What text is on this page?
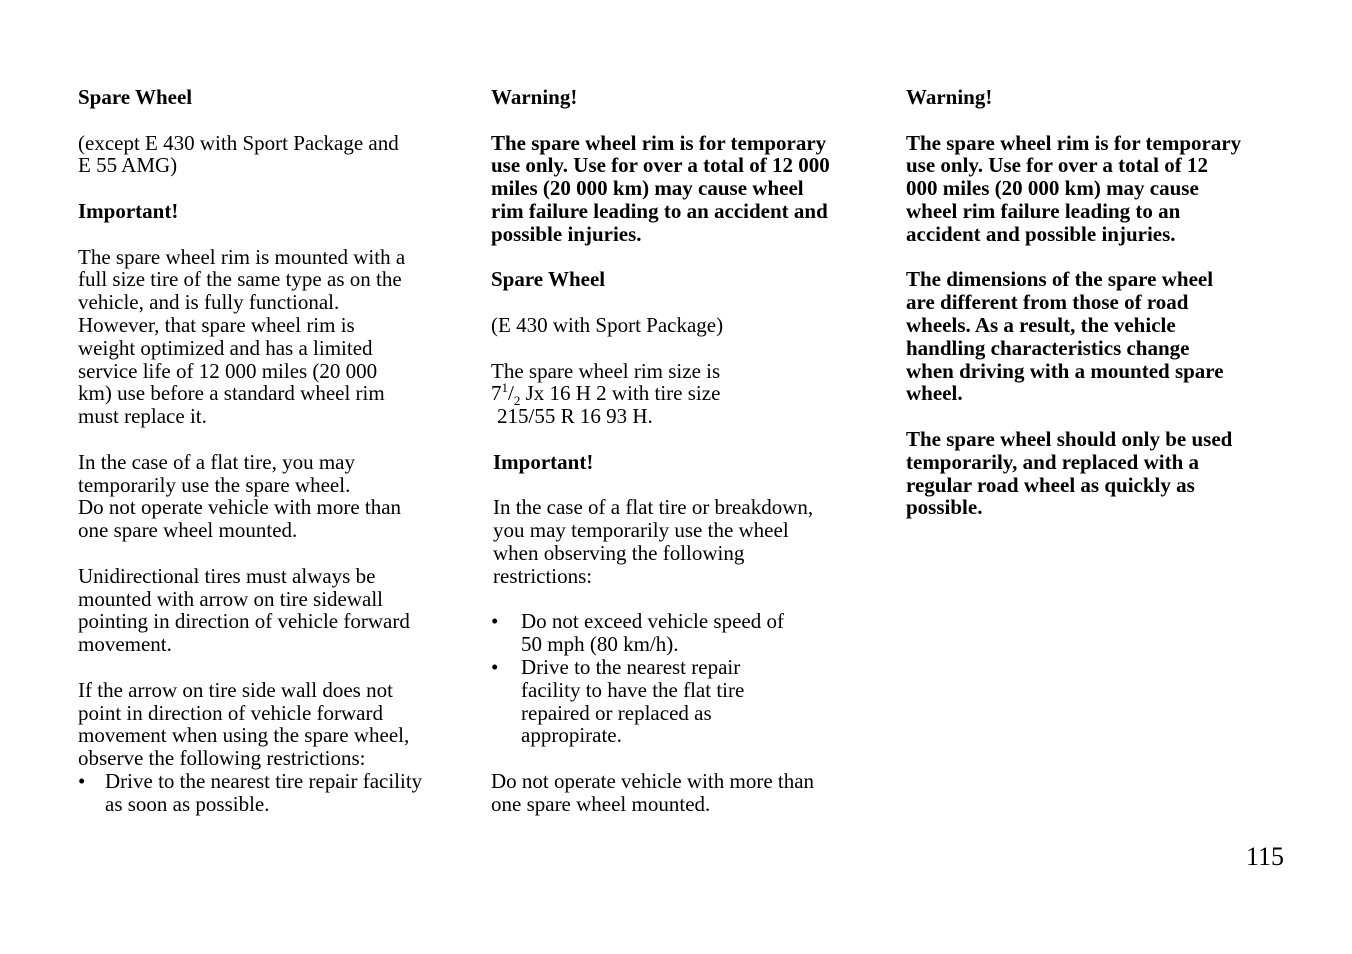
Spare Wheel

(except E 430 with Sport Package and
E 55 AMG)

Important!

The spare wheel rim is mounted with a
full size tire of the same type as on the
vehicle, and is fully functional.
However, that spare wheel rim is
weight optimized and has a limited
service life of 12 000 miles (20 000
km) use before a standard wheel rim
must replace it.

In the case of a flat tire, you may
temporarily use the spare wheel.
Do not operate vehicle with more than
one spare wheel mounted.

Unidirectional tires must always be
mounted with arrow on tire sidewall
pointing in direction of vehicle forward
movement.

If the arrow on tire side wall does not
point in direction of vehicle forward
movement when using the spare wheel,
observe the following restrictions:

• Drive to the nearest tire repair facility
as soon as possible.

Warning!

The spare wheel rim is for temporary
use only. Use for over a total of 12 000
miles (20 000 km) may cause wheel
rim failure leading to an accident and
possible injuries.

Spare Wheel

(E 430 with Sport Package)

The spare wheel rim size is
$7^1/_2$ Jx 16 H 2 with tire size
215/55 R 16 93 H.

Important!

In the case of a flat tire or breakdown,
you may temporarily use the wheel
when observing the following
restrictions:

• Do not exceed vehicle speed of
50 mph (80 km/h).
• Drive to the nearest repair
facility to have the flat tire
repaired or replaced as
appropirate.

Do not operate vehicle with more than
one spare wheel mounted.

Warning!

The spare wheel rim is for temporary
use only. Use for over a total of 12
000 miles (20 000 km) may cause
wheel rim failure leading to an
accident and possible injuries.

The dimensions of the spare wheel
are different from those of road
wheels. As a result, the vehicle
handling characteristics change
when driving with a mounted spare
wheel.

The spare wheel should only be used
temporarily, and replaced with a
regular road wheel as quickly as
possible.

115
